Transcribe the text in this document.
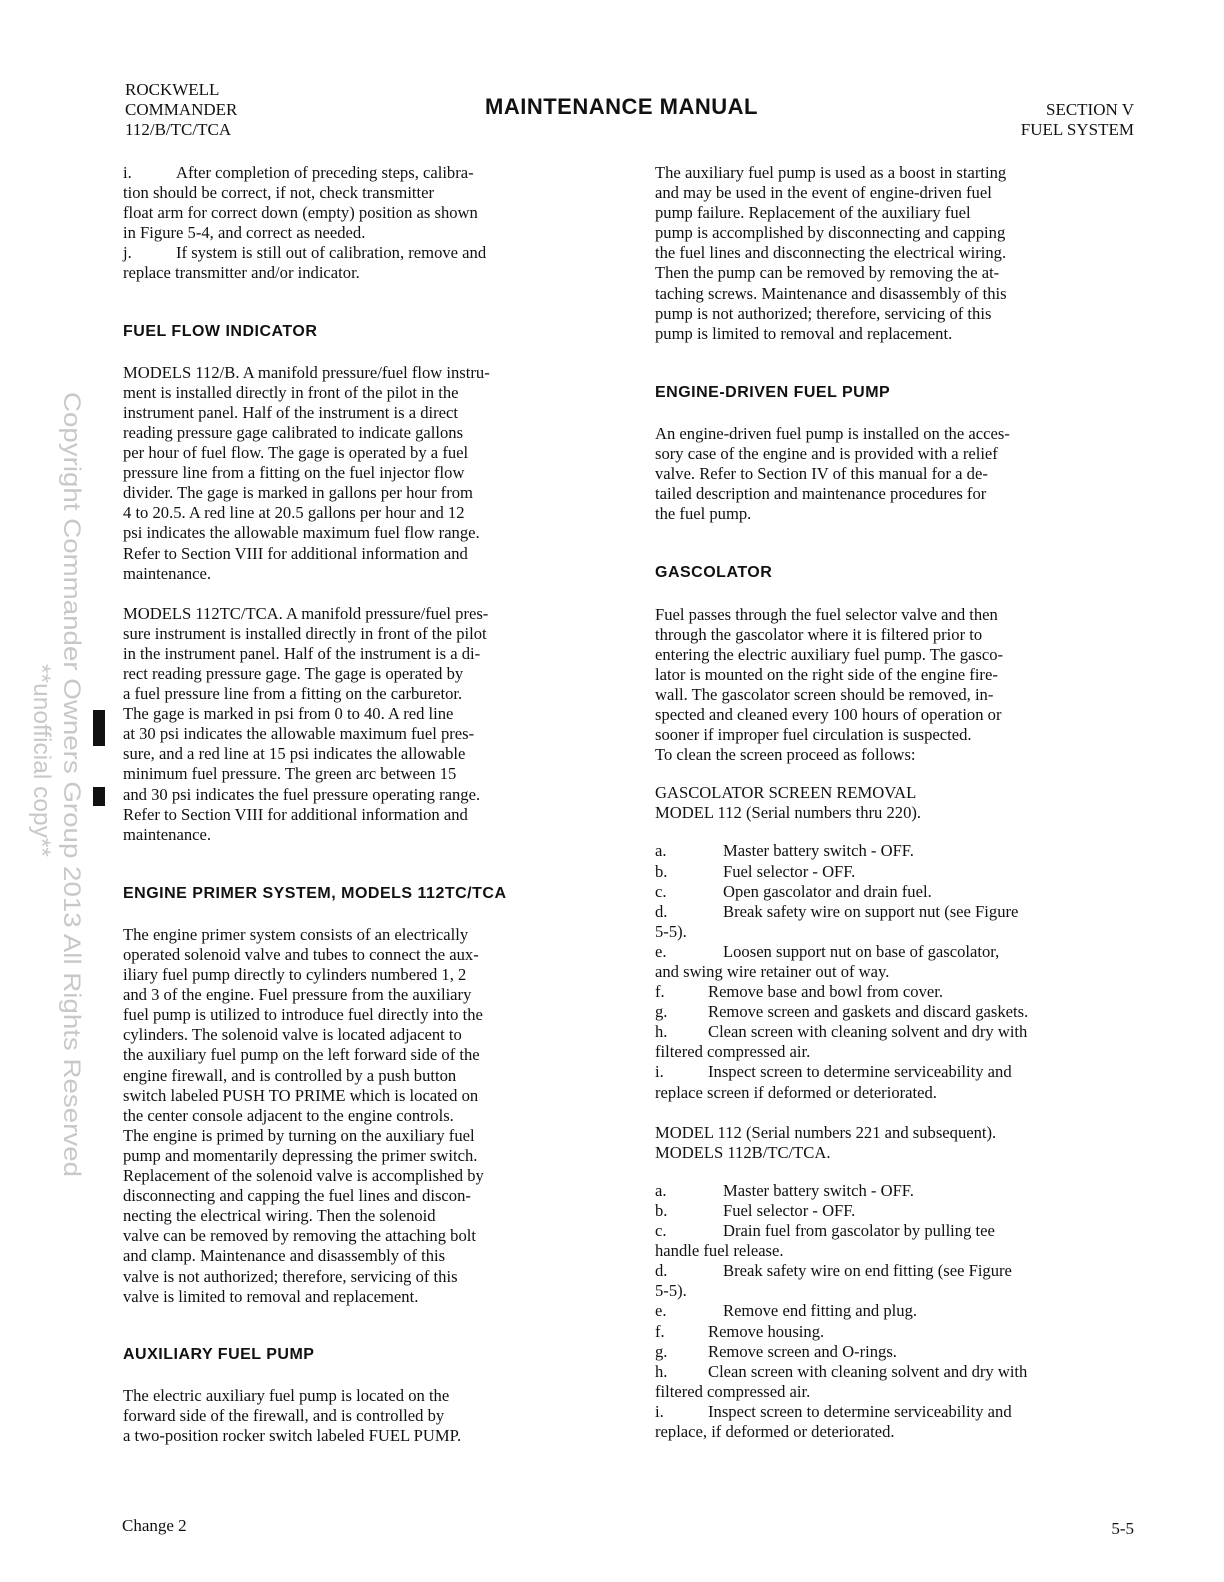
ROCKWELL
COMMANDER
112/B/TC/TCA
MAINTENANCE MANUAL	SECTION V
FUEL SYSTEM
Copyright Commander Owners Group 2013 All Rights Reserved
**unofficial copy**
i.	After completion of preceding steps, calibra-
tion should be correct, if not, check transmitter
float arm for correct down (empty) position as shown
in Figure 5-4, and correct as needed.

j.	If system is still out of calibration, remove and
replace transmitter and/or indicator.

FUEL FLOW INDICATOR

MODELS 112/B. A manifold pressure/fuel flow instru-
ment is installed directly in front of the pilot in the
instrument panel. Half of the instrument is a direct
reading pressure gage calibrated to indicate gallons
per hour of fuel flow. The gage is operated by a fuel
pressure line from a fitting on the fuel injector flow
divider. The gage is marked in gallons per hour from
4 to 20.5. A red line at 20.5 gallons per hour and 12
psi indicates the allowable maximum fuel flow range.
Refer to Section VIII for additional information and
maintenance.

MODELS 112TC/TCA. A manifold pressure/fuel pres-
sure instrument is installed directly in front of the pilot
in the instrument panel. Half of the instrument is a di-
rect reading pressure gage. The gage is operated by
a fuel pressure line from a fitting on the carburetor.
The gage is marked in psi from 0 to 40. A red line
at 30 psi indicates the allowable maximum fuel pres-
sure, and a red line at 15 psi indicates the allowable
minimum fuel pressure. The green arc between 15
and 30 psi indicates the fuel pressure operating range.
Refer to Section VIII for additional information and
maintenance.

ENGINE PRIMER SYSTEM, MODELS 112TC/TCA

The engine primer system consists of an electrically
operated solenoid valve and tubes to connect the aux-
iliary fuel pump directly to cylinders numbered 1, 2
and 3 of the engine. Fuel pressure from the auxiliary
fuel pump is utilized to introduce fuel directly into the
cylinders. The solenoid valve is located adjacent to
the auxiliary fuel pump on the left forward side of the
engine firewall, and is controlled by a push button
switch labeled PUSH TO PRIME which is located on
the center console adjacent to the engine controls.
The engine is primed by turning on the auxiliary fuel
pump and momentarily depressing the primer switch.
Replacement of the solenoid valve is accomplished by
disconnecting and capping the fuel lines and discon-
necting the electrical wiring. Then the solenoid
valve can be removed by removing the attaching bolt
and clamp. Maintenance and disassembly of this
valve is not authorized; therefore, servicing of this
valve is limited to removal and replacement.

AUXILIARY FUEL PUMP

The electric auxiliary fuel pump is located on the
forward side of the firewall, and is controlled by
a two-position rocker switch labeled FUEL PUMP.

The auxiliary fuel pump is used as a boost in starting
and may be used in the event of engine-driven fuel
pump failure. Replacement of the auxiliary fuel
pump is accomplished by disconnecting and capping
the fuel lines and disconnecting the electrical wiring.
Then the pump can be removed by removing the at-
taching screws. Maintenance and disassembly of this
pump is not authorized; therefore, servicing of this
pump is limited to removal and replacement.

ENGINE-DRIVEN FUEL PUMP

An engine-driven fuel pump is installed on the acces-
sory case of the engine and is provided with a relief
valve. Refer to Section IV of this manual for a de-
tailed description and maintenance procedures for
the fuel pump.

GASCOLATOR

Fuel passes through the fuel selector valve and then
through the gascolator where it is filtered prior to
entering the electric auxiliary fuel pump. The gasco-
lator is mounted on the right side of the engine fire-
wall. The gascolator screen should be removed, in-
spected and cleaned every 100 hours of operation or
sooner if improper fuel circulation is suspected.
To clean the screen proceed as follows:

GASCOLATOR SCREEN REMOVAL

MODEL 112 (Serial numbers thru 220).

a.	Master battery switch - OFF.
b.	Fuel selector - OFF.
c.	Open gascolator and drain fuel.
d.	Break safety wire on support nut (see Figure
5-5).
e.	Loosen support nut on base of gascolator,
and swing wire retainer out of way.
f.	Remove base and bowl from cover.
g.	Remove screen and gaskets and discard gaskets.
h.	Clean screen with cleaning solvent and dry with
filtered compressed air.
i.	Inspect screen to determine serviceability and
replace screen if deformed or deteriorated.

MODEL 112 (Serial numbers 221 and subsequent).

MODELS 112B/TC/TCA.

a.	Master battery switch - OFF.
b.	Fuel selector - OFF.
c.	Drain fuel from gascolator by pulling tee
handle fuel release.
d.	Break safety wire on end fitting (see Figure
5-5).
e.	Remove end fitting and plug.
f.	Remove housing.
g.	Remove screen and O-rings.
h.	Clean screen with cleaning solvent and dry with
filtered compressed air.
i.	Inspect screen to determine serviceability and
replace, if deformed or deteriorated.
Change 2	5-5
